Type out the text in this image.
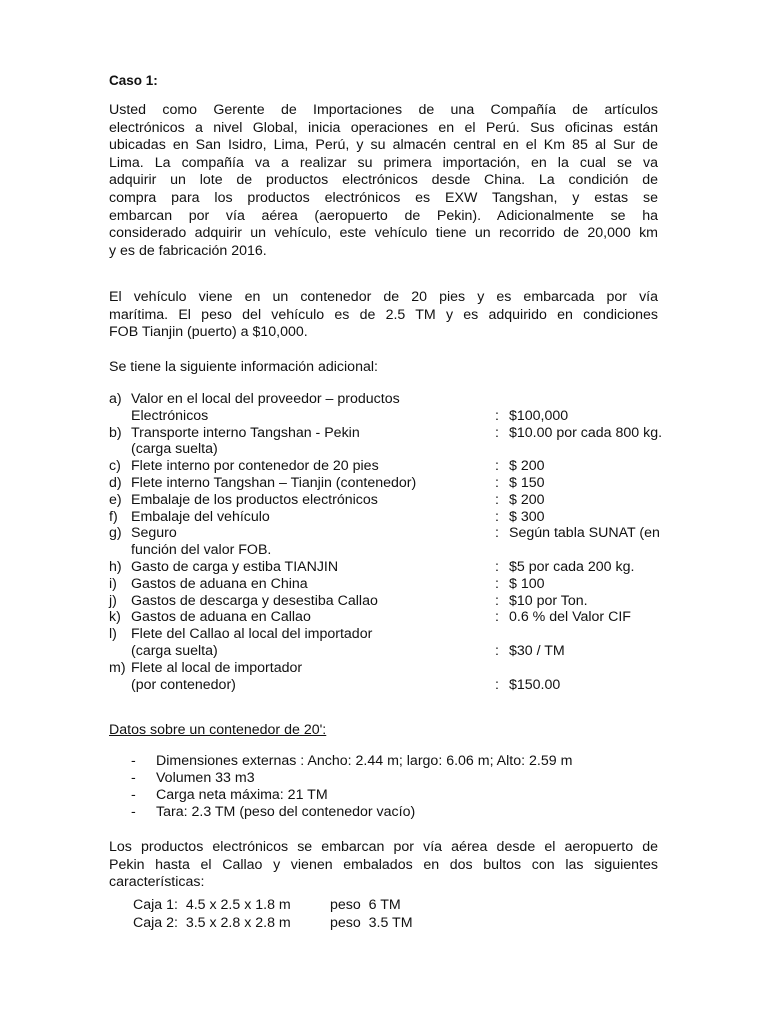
Caso 1:

Usted como Gerente de Importaciones de una Compañía de artículos
electrónicos a nivel Global, inicia operaciones en el Perú. Sus oficinas están
ubicadas en San Isidro, Lima, Perú, y su almacén central en el Km 85 al Sur de
Lima. La compañía va a realizar su primera importación, en la cual se va
adquirir un lote de productos electrónicos desde China. La condición de
compra para los productos electrónicos es EXW Tangshan, y estas se
embarcan por vía aérea (aeropuerto de Pekin). Adicionalmente se ha
considerado adquirir un vehículo, este vehículo tiene un recorrido de 20,000 km
y es de fabricación 2016.
El vehículo viene en un contenedor de 20 pies y es embarcada por vía
marítima. El peso del vehículo es de 2.5 TM y es adquirido en condiciones
FOB Tianjin (puerto) a $10,000.

Se tiene la siguiente información adicional:

a) Valor en el local del proveedor – productos
Electrónicos	: $100,000
b) Transporte interno Tangshan - Pekin	: $10.00 por cada 800 kg.
(carga suelta)
c) Flete interno por contenedor de 20 pies	: $ 200
d) Flete interno Tangshan – Tianjin (contenedor)	: $ 150
e) Embalaje de los productos electrónicos	: $ 200
f) Embalaje del vehículo	: $ 300
g) Seguro	: Según tabla SUNAT (en
función del valor FOB.
h) Gasto de carga y estiba TIANJIN	: $5 por cada 200 kg.
i) Gastos de aduana en China	: $ 100
j) Gastos de descarga y desestiba Callao	: $10 por Ton.
k) Gastos de aduana en Callao	: 0.6 % del Valor CIF
l) Flete del Callao al local del importador
(carga suelta)	: $30 / TM
m) Flete al local de importador
(por contenedor)	: $150.00

Datos sobre un contenedor de 20':

-	Dimensiones externas : Ancho: 2.44 m; largo: 6.06 m; Alto: 2.59 m
-	Volumen 33 m3
-	Carga neta máxima: 21 TM
-	Tara: 2.3 TM (peso del contenedor vacío)
Los productos electrónicos se embarcan por vía aérea desde el aeropuerto de
Pekin hasta el Callao y vienen embalados en dos bultos con las siguientes
características:
Caja 1:  4.5 x 2.5 x 1.8 m	peso  6 TM
Caja 2:  3.5 x 2.8 x 2.8 m	peso  3.5 TM
